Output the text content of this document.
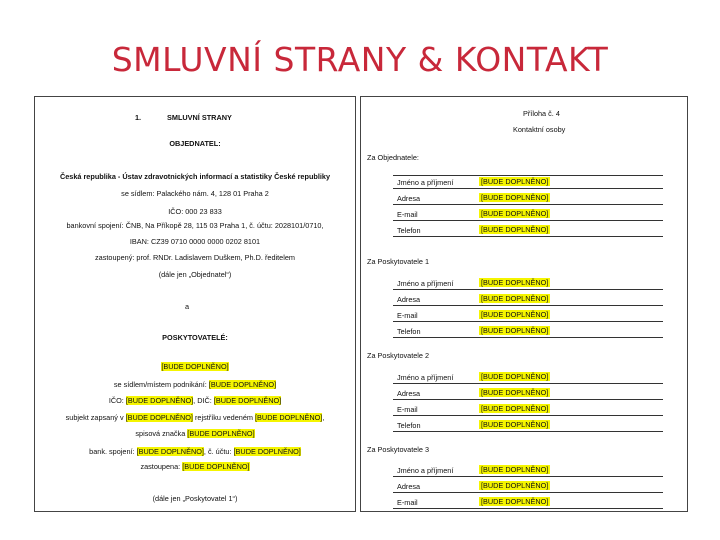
SMLUVNÍ STRANY & KONTAKT
1.	SMLUVNÍ STRANY
OBJEDNATEL:
Česká republika - Ústav zdravotnických informací a statistiky České republiky
se sídlem: Palackého nám. 4, 128 01 Praha 2
IČO: 000 23 833
bankovní spojení: ČNB, Na Příkopě 28, 115 03 Praha 1, č. účtu: 2028101/0710,
IBAN: CZ39 0710 0000 0000 0202 8101
zastoupený: prof. RNDr. Ladislavem Duškem, Ph.D. ředitelem
(dále jen „Objednatel“)
a
POSKYTOVATELÉ:
[BUDE DOPLNĚNO]
se sídlem/místem podnikání: [BUDE DOPLNĚNO]
IČO: [BUDE DOPLNĚNO], DIČ: [BUDE DOPLNĚNO]
subjekt zapsaný v [BUDE DOPLNĚNO] rejstříku vedeném [BUDE DOPLNĚNO],
spisová značka [BUDE DOPLNĚNO]
bank. spojení: [BUDE DOPLNĚNO], č. účtu: [BUDE DOPLNĚNO]
zastoupena: [BUDE DOPLNĚNO]
(dále jen „Poskytovatel 1“)
Příloha č. 4
Kontaktní osoby
Za Objednatele:
Jméno a příjmení	[BUDE DOPLNĚNO]
Adresa	[BUDE DOPLNĚNO]
E-mail	[BUDE DOPLNĚNO]
Telefon	[BUDE DOPLNĚNO]
Za Poskytovatele 1
Jméno a příjmení	[BUDE DOPLNĚNO]
Adresa	[BUDE DOPLNĚNO]
E-mail	[BUDE DOPLNĚNO]
Telefon	[BUDE DOPLNĚNO]
Za Poskytovatele 2
Jméno a příjmení	[BUDE DOPLNĚNO]
Adresa	[BUDE DOPLNĚNO]
E-mail	[BUDE DOPLNĚNO]
Telefon	[BUDE DOPLNĚNO]
Za Poskytovatele 3
Jméno a příjmení	[BUDE DOPLNĚNO]
Adresa	[BUDE DOPLNĚNO]
E-mail	[BUDE DOPLNĚNO]
